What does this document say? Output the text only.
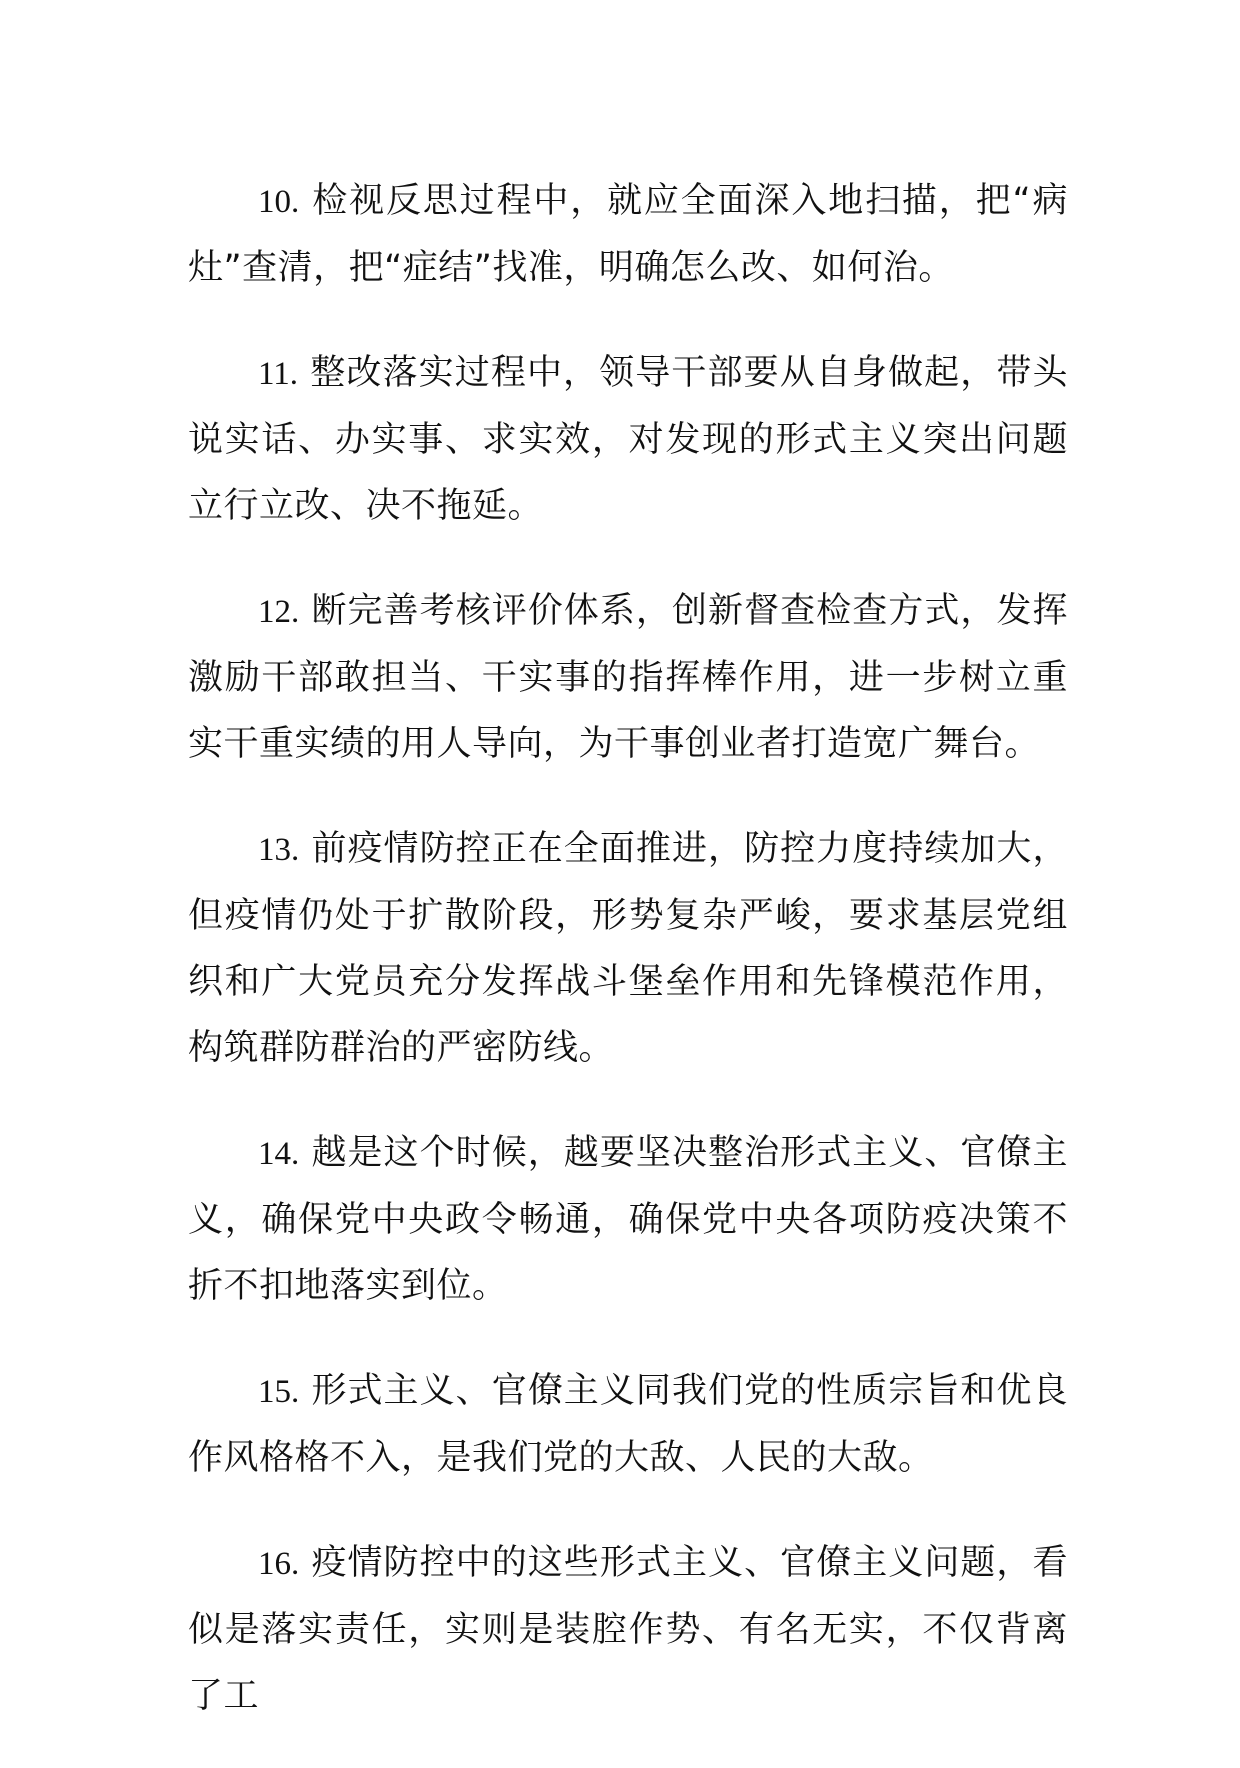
10. 检视反思过程中，就应全面深入地扫描，把“病灶”查清，把“症结”找准，明确怎么改、如何治。

11. 整改落实过程中，领导干部要从自身做起，带头说实话、办实事、求实效，对发现的形式主义突出问题立行立改、决不拖延。

12. 断完善考核评价体系，创新督查检查方式，发挥激励干部敢担当、干实事的指挥棒作用，进一步树立重实干重实绩的用人导向，为干事创业者打造宽广舞台。

13. 前疫情防控正在全面推进，防控力度持续加大，但疫情仍处于扩散阶段，形势复杂严峻，要求基层党组织和广大党员充分发挥战斗堡垒作用和先锋模范作用，构筑群防群治的严密防线。

14. 越是这个时候，越要坚决整治形式主义、官僚主义，确保党中央政令畅通，确保党中央各项防疫决策不折不扣地落实到位。

15. 形式主义、官僚主义同我们党的性质宗旨和优良作风格格不入，是我们党的大敌、人民的大敌。

16. 疫情防控中的这些形式主义、官僚主义问题，看似是落实责任，实则是装腔作势、有名无实，不仅背离了工
